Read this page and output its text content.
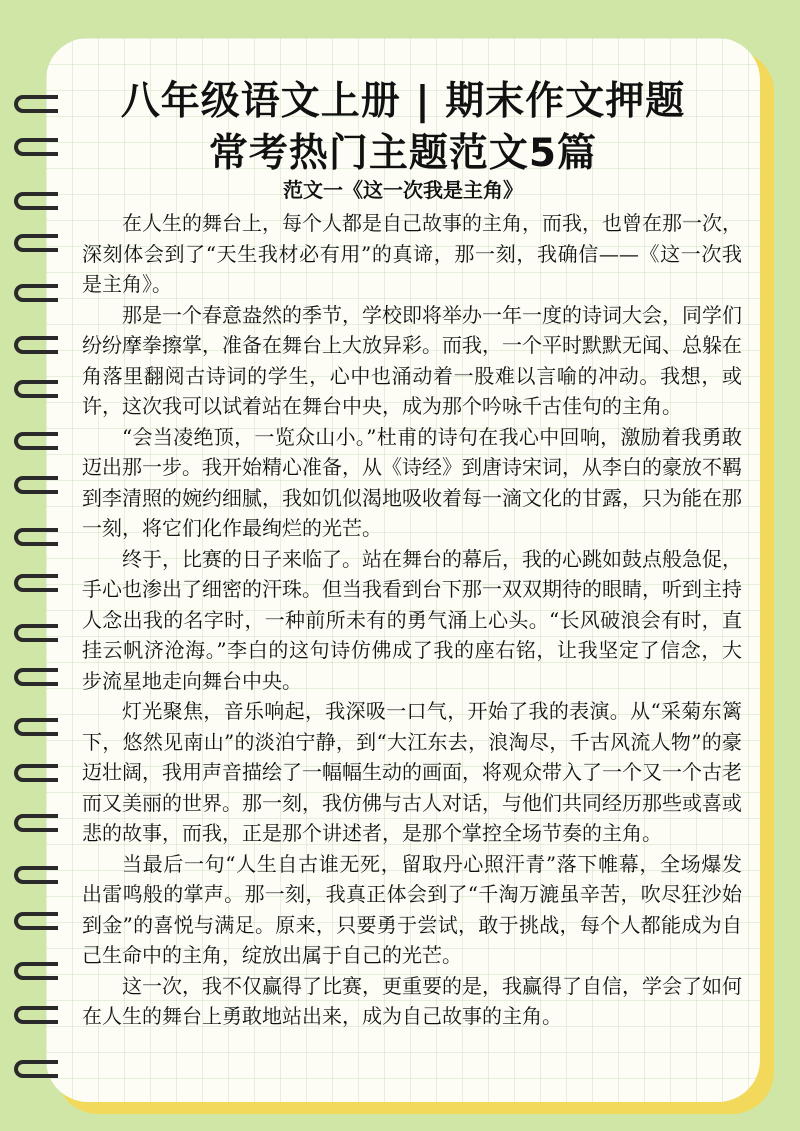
八年级语文上册 | 期末作文押题
常考热门主题范文5篇
范文一《这一次我是主角》

在人生的舞台上，每个人都是自己故事的主角，而我，也曾在那一次，深刻体会到了“天生我材必有用”的真谛，那一刻，我确信——《这一次我是主角》。

那是一个春意盎然的季节，学校即将举办一年一度的诗词大会，同学们纷纷摩拳擦掌，准备在舞台上大放异彩。而我，一个平时默默无闻、总躲在角落里翻阅古诗词的学生，心中也涌动着一股难以言喻的冲动。我想，或许，这次我可以试着站在舞台中央，成为那个吟咏千古佳句的主角。

“会当凌绝顶，一览众山小。”杜甫的诗句在我心中回响，激励着我勇敢迈出那一步。我开始精心准备，从《诗经》到唐诗宋词，从李白的豪放不羁到李清照的婉约细腻，我如饥似渴地吸收着每一滴文化的甘露，只为能在那一刻，将它们化作最绚烂的光芒。

终于，比赛的日子来临了。站在舞台的幕后，我的心跳如鼓点般急促，手心也渗出了细密的汗珠。但当我看到台下那一双双期待的眼睛，听到主持人念出我的名字时，一种前所未有的勇气涌上心头。“长风破浪会有时，直挂云帆济沧海。”李白的这句诗仿佛成了我的座右铭，让我坚定了信念，大步流星地走向舞台中央。

灯光聚焦，音乐响起，我深吸一口气，开始了我的表演。从“采菊东篱下，悠然见南山”的淡泊宁静，到“大江东去，浪淘尽，千古风流人物”的豪迈壮阔，我用声音描绘了一幅幅生动的画面，将观众带入了一个又一个古老而又美丽的世界。那一刻，我仿佛与古人对话，与他们共同经历那些或喜或悲的故事，而我，正是那个讲述者，是那个掌控全场节奏的主角。

当最后一句“人生自古谁无死，留取丹心照汗青”落下帷幕，全场爆发出雷鸣般的掌声。那一刻，我真正体会到了“千淘万漉虽辛苦，吹尽狂沙始到金”的喜悦与满足。原来，只要勇于尝试，敢于挑战，每个人都能成为自己生命中的主角，绽放出属于自己的光芒。

这一次，我不仅赢得了比赛，更重要的是，我赢得了自信，学会了如何在人生的舞台上勇敢地站出来，成为自己故事的主角。
